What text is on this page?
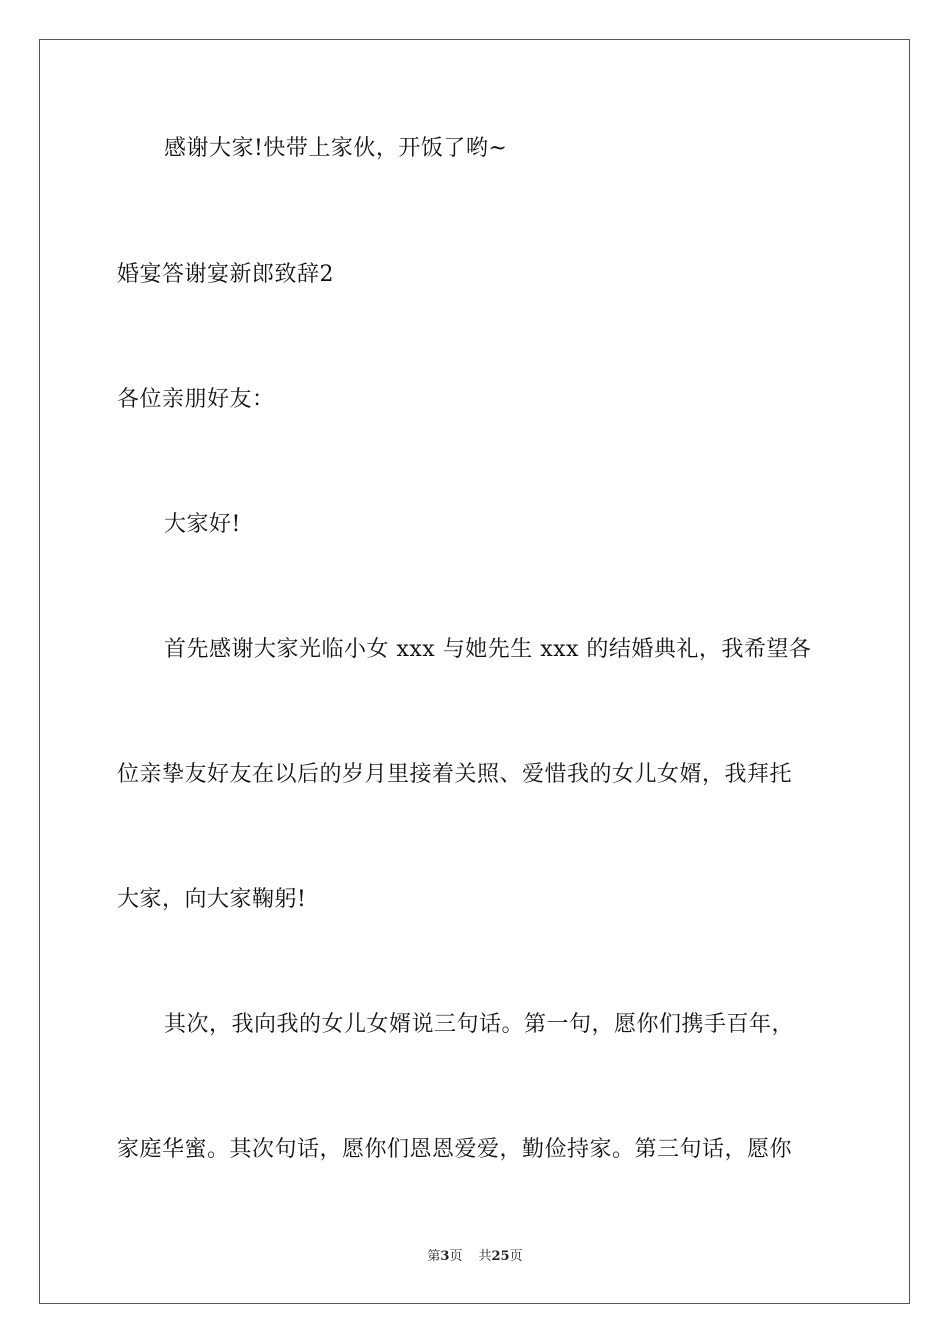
感谢大家!快带上家伙，开饭了哟~
婚宴答谢宴新郎致辞2
各位亲朋好友：
大家好!
首先感谢大家光临小女 xxx 与她先生 xxx 的结婚典礼，我希望各
位亲挚友好友在以后的岁月里接着关照、爱惜我的女儿女婿，我拜托
大家，向大家鞠躬!
其次，我向我的女儿女婿说三句话。第一句，愿你们携手百年，
家庭华蜜。其次句话，愿你们恩恩爱爱，勤俭持家。第三句话，愿你
第3页 共25页
